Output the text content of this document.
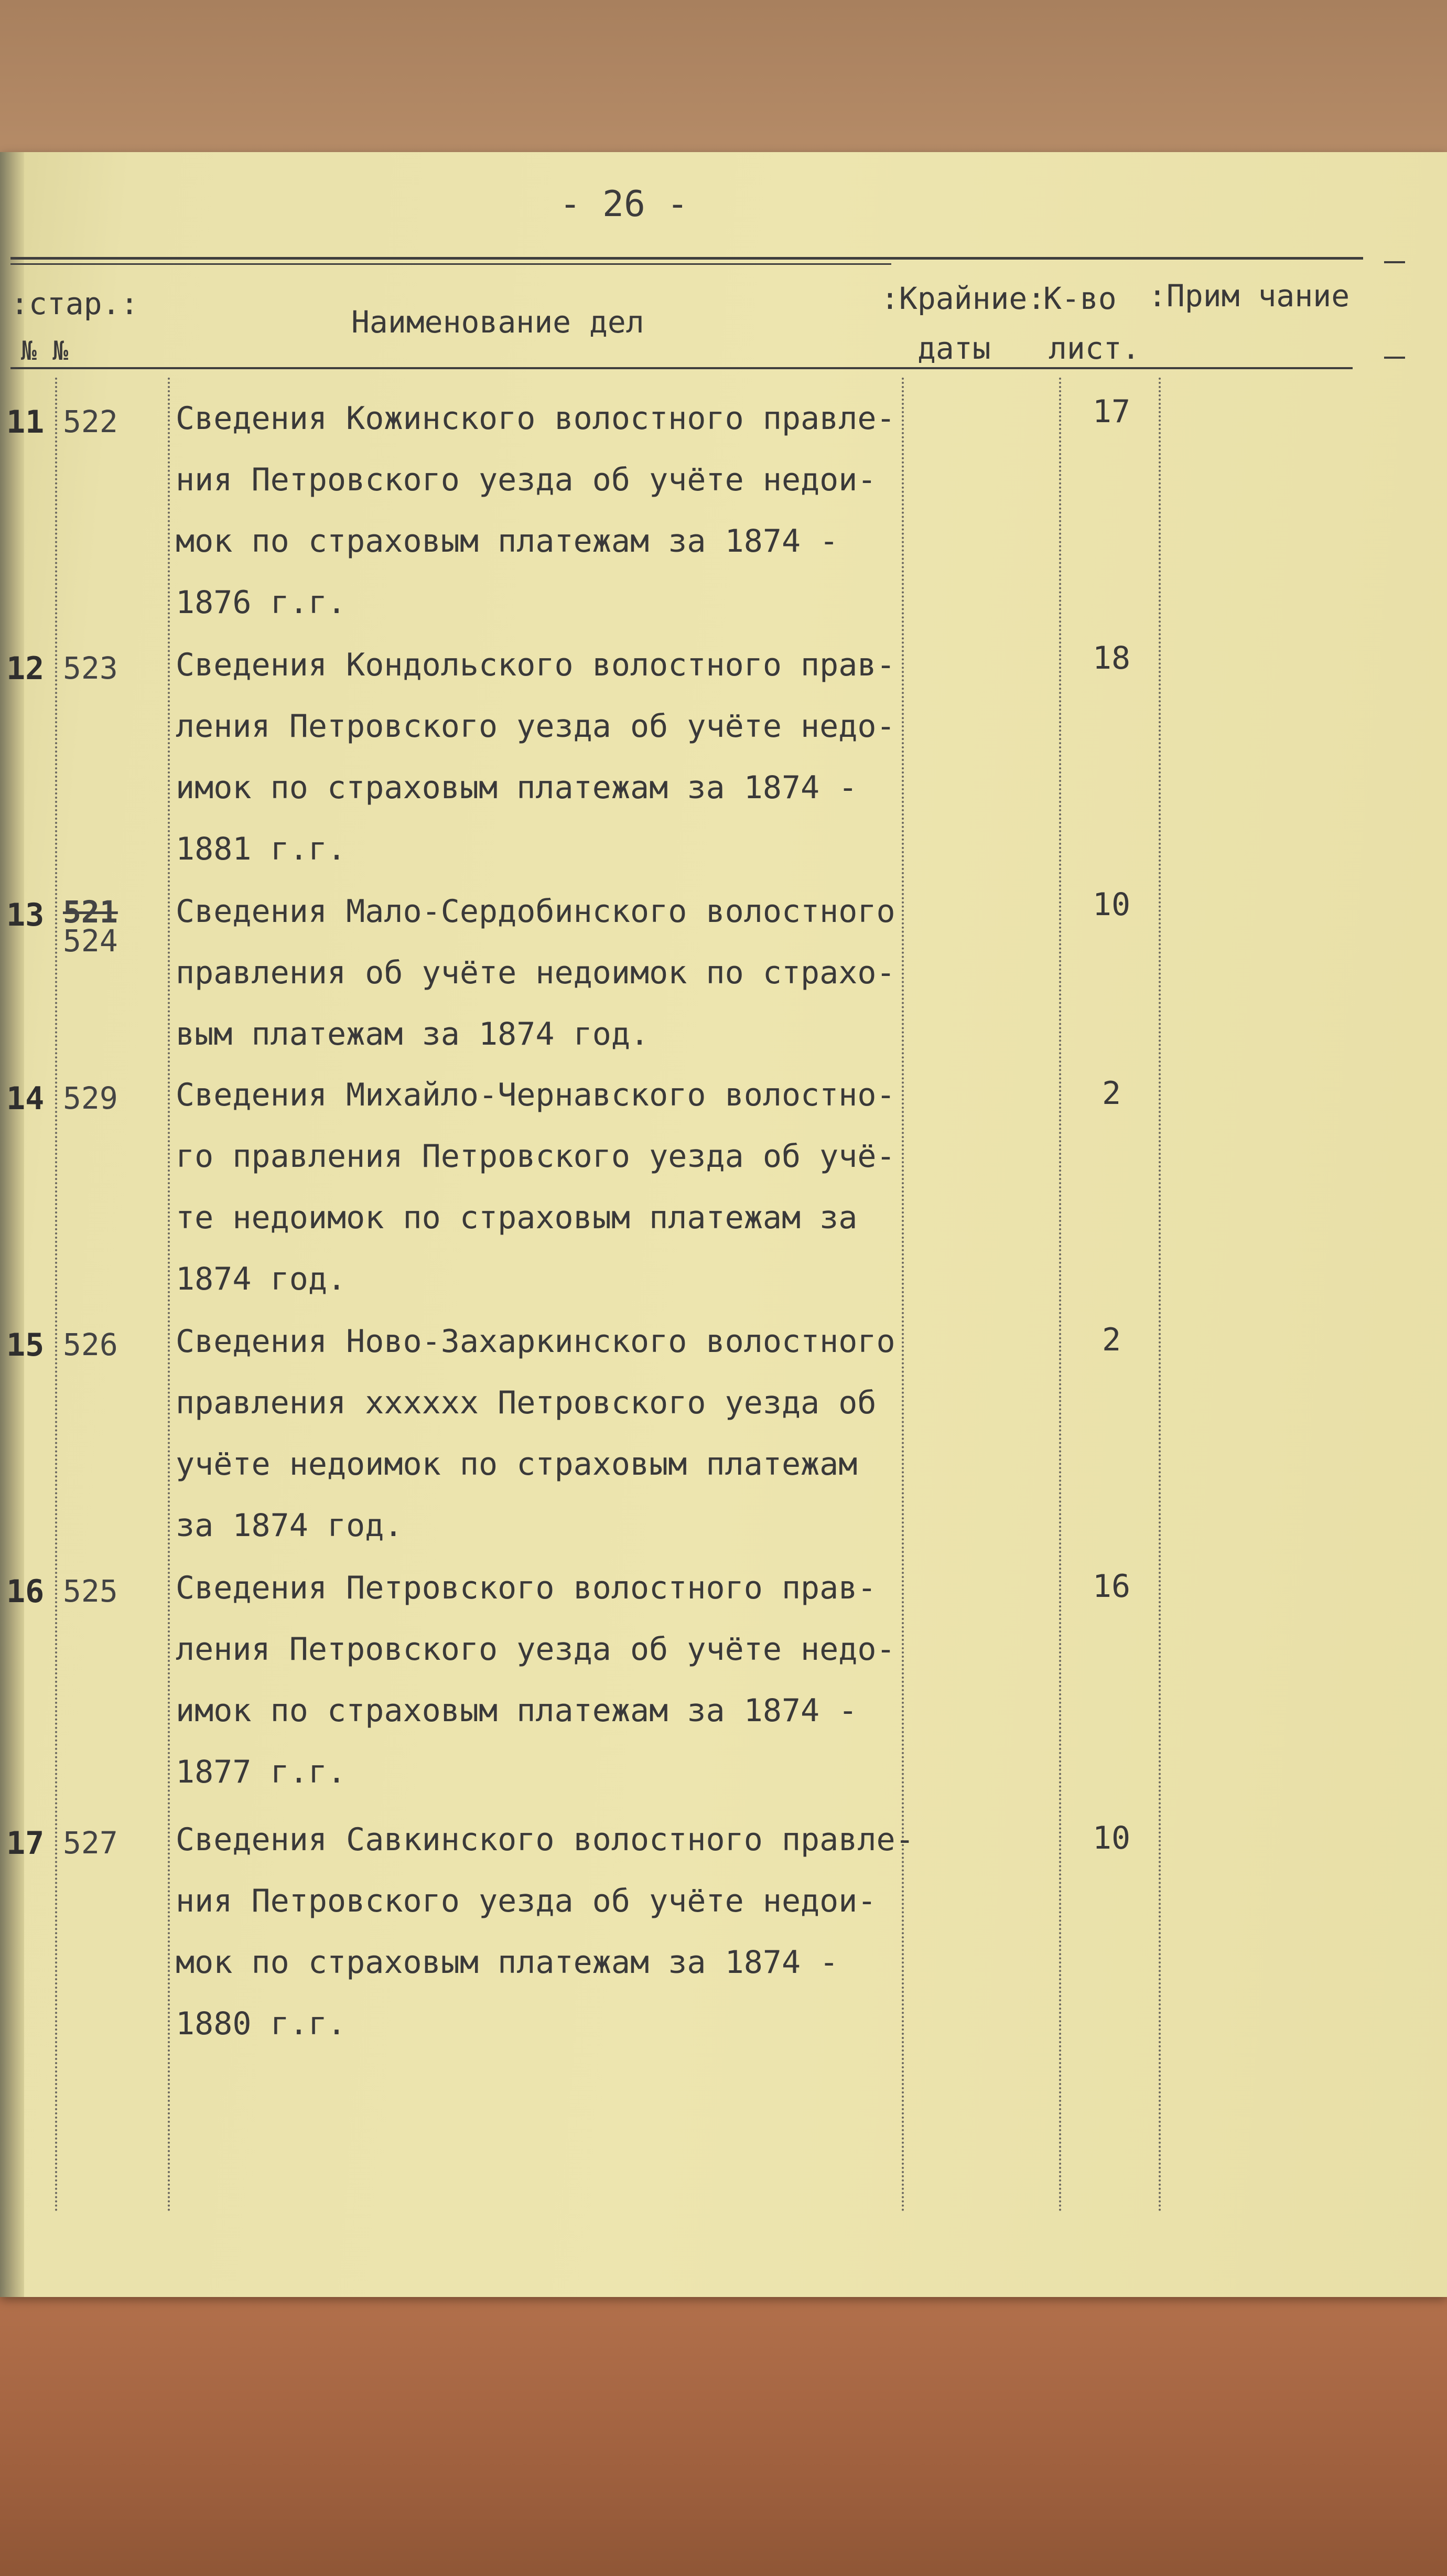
- 26 -
:стар.:
№ №
Наименование дел
:Крайние:
даты
К-во
лист.
:Прим чание
11 522 Сведения Кожинского волостного правле-
ния Петровского уезда об учёте недои-
мок по страховым платежам за 1874 -
1876 г.г.
17
12 523 Сведения Кондольского волостного прав-
ления Петровского уезда об учёте недо-
имок по страховым платежам за 1874 -
1881 г.г.
18
13 521
524
Сведения Мало-Сердобинского волостного
правления об учёте недоимок по страхо-
вым платежам за 1874 год.
10
14 529 Сведения Михайло-Чернавского волостно-
го правления Петровского уезда об учё-
те недоимок по страховым платежам за
1874 год.
2
15 526 Сведения Ново-Захаркинского волостного
правления xxxxxx Петровского уезда об
учёте недоимок по страховым платежам
за 1874 год.
2
16 525 Сведения Петровского волостного прав-
ления Петровского уезда об учёте недо-
имок по страховым платежам за 1874 -
1877 г.г.
16
17 527 Сведения Савкинского волостного правле-
ния Петровского уезда об учёте недои-
мок по страховым платежам за 1874 -
1880 г.г.
10
